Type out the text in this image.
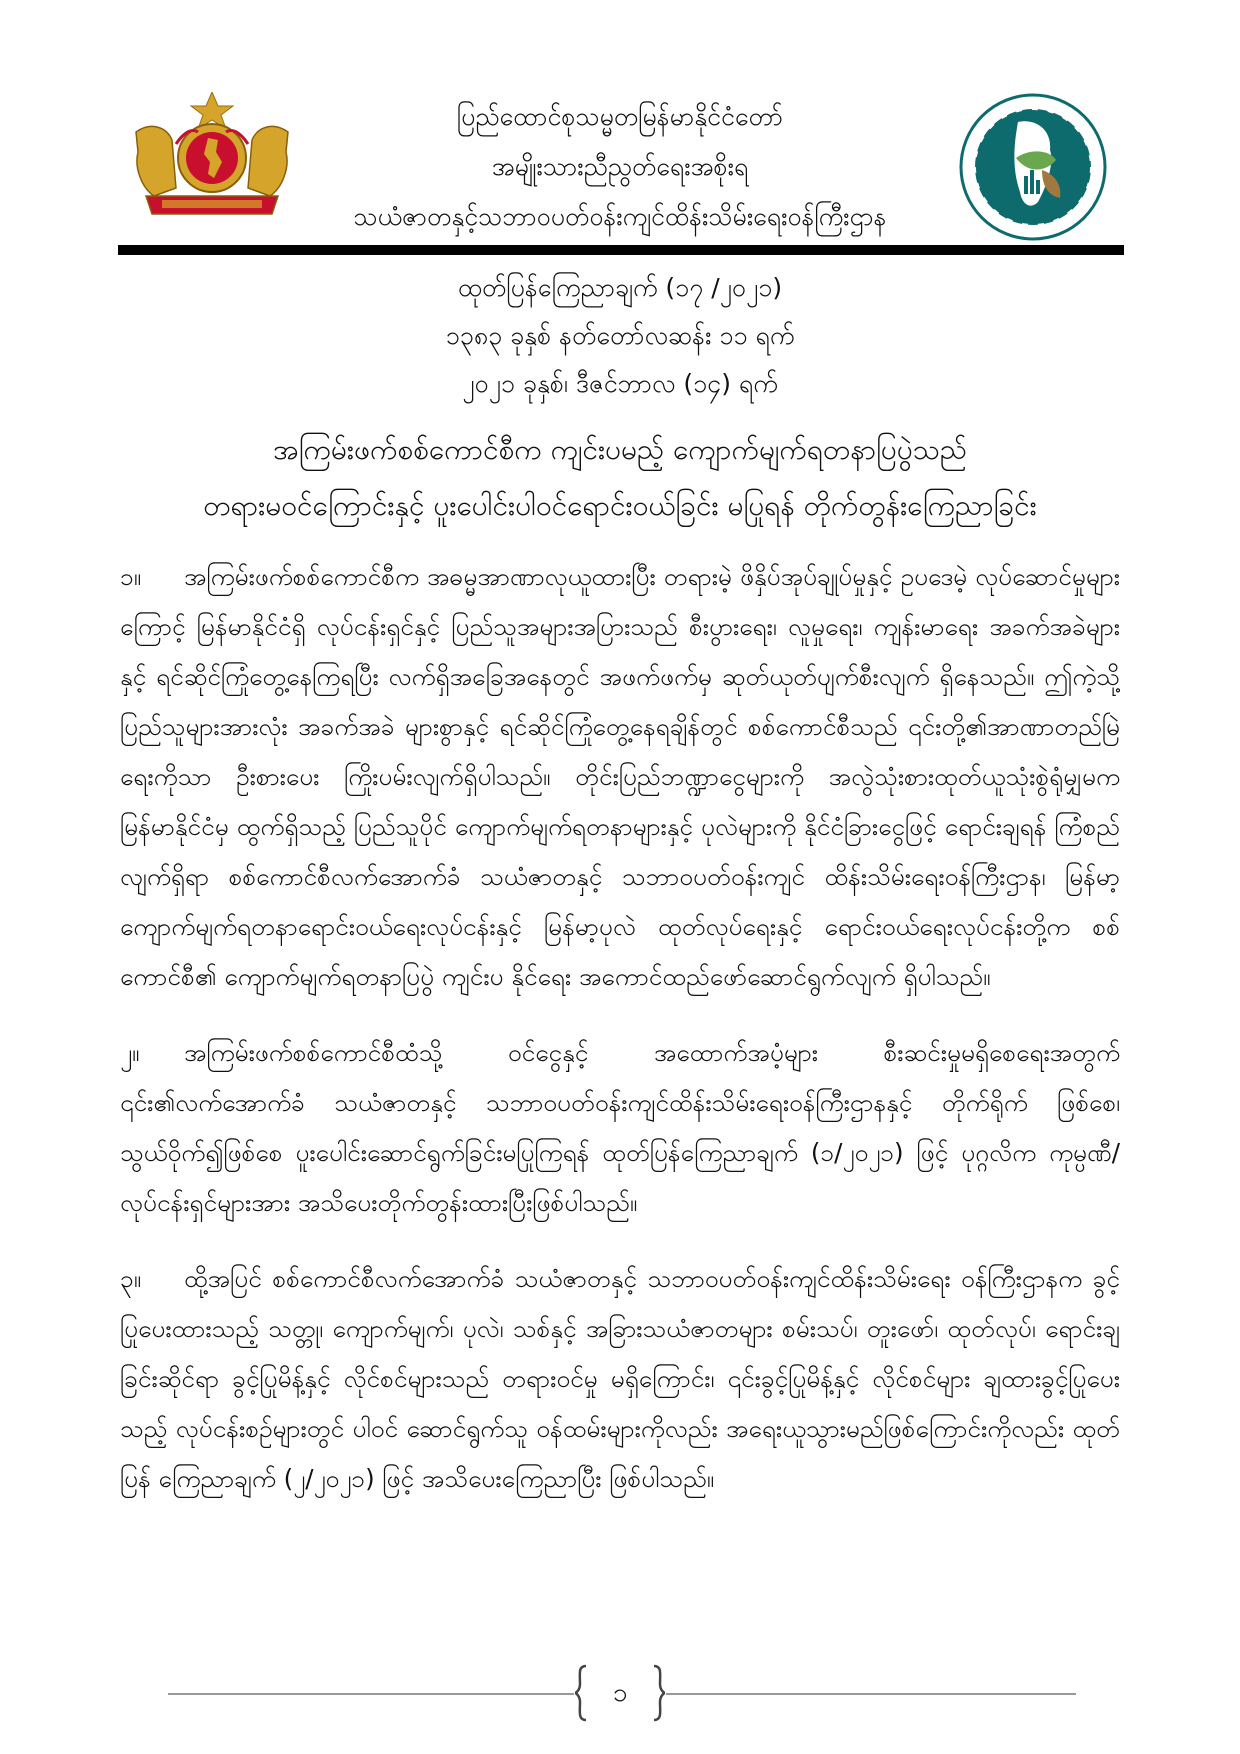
ပြည်ထောင်စုသမ္မတမြန်မာနိုင်ငံတော်
အမျိုးသားညီညွတ်ရေးအစိုးရ
သယံဇာတနှင့်သဘာဝပတ်ဝန်းကျင်ထိန်းသိမ်းရေးဝန်ကြီးဌာန
ထုတ်ပြန်ကြေညာချက် (၁၇ /၂၀၂၁)
၁၃၈၃ ခုနှစ် နတ်တော်လဆန်း ၁၁ ရက်
၂၀၂၁ ခုနှစ်၊ ဒီဇင်ဘာလ (၁၄) ရက်
အကြမ်းဖက်စစ်ကောင်စီက ကျင်းပမည့် ကျောက်မျက်ရတနာပြပွဲသည်
တရားမဝင်ကြောင်းနှင့် ပူးပေါင်းပါဝင်ရောင်းဝယ်ခြင်း မပြုရန် တိုက်တွန်းကြေညာခြင်း

၁။ အကြမ်းဖက်စစ်ကောင်စီက အဓမ္မအာဏာလုယူထားပြီး တရားမဲ့ ဖိနှိပ်အုပ်ချုပ်မှုနှင့် ဥပဒေမဲ့ လုပ်ဆောင်မှုများကြောင့် မြန်မာနိုင်ငံရှိ လုပ်ငန်းရှင်နှင့် ပြည်သူအများအပြားသည် စီးပွားရေး၊ လူမှုရေး၊ ကျန်းမာရေး အခက်အခဲများနှင့် ရင်ဆိုင်ကြုံတွေ့နေကြရပြီး လက်ရှိအခြေအနေတွင် အဖက်ဖက်မှ ဆုတ်ယုတ်ပျက်စီးလျက် ရှိနေသည်။ ဤကဲ့သို့ ပြည်သူများအားလုံး အခက်အခဲ များစွာနှင့် ရင်ဆိုင်ကြုံတွေ့နေရချိန်တွင် စစ်ကောင်စီသည် ၎င်းတို့၏အာဏာတည်မြဲရေးကိုသာ ဦးစားပေး ကြိုးပမ်းလျက်ရှိပါသည်။ တိုင်းပြည်ဘဏ္ဍာငွေများကို အလွဲသုံးစားထုတ်ယူသုံးစွဲရုံမျှမက မြန်မာနိုင်ငံမှ ထွက်ရှိသည့် ပြည်သူပိုင် ကျောက်မျက်ရတနာများနှင့် ပုလဲများကို နိုင်ငံခြားငွေဖြင့် ရောင်းချရန် ကြံစည်လျက်ရှိရာ စစ်ကောင်စီလက်အောက်ခံ သယံဇာတနှင့် သဘာဝပတ်ဝန်းကျင် ထိန်းသိမ်းရေးဝန်ကြီးဌာန၊ မြန်မာ့ကျောက်မျက်ရတနာရောင်းဝယ်ရေးလုပ်ငန်းနှင့် မြန်မာ့ပုလဲ ထုတ်လုပ်ရေးနှင့် ရောင်းဝယ်ရေးလုပ်ငန်းတို့က စစ်ကောင်စီ၏ ကျောက်မျက်ရတနာပြပွဲ ကျင်းပ နိုင်ရေး အကောင်ထည်ဖော်ဆောင်ရွက်လျက် ရှိပါသည်။

၂။ အကြမ်းဖက်စစ်ကောင်စီထံသို့ ဝင်ငွေနှင့် အထောက်အပံ့များ စီးဆင်းမှုမရှိစေရေးအတွက် ၎င်း၏လက်အောက်ခံ သယံဇာတနှင့် သဘာဝပတ်ဝန်းကျင်ထိန်းသိမ်းရေးဝန်ကြီးဌာနနှင့် တိုက်ရိုက် ဖြစ်စေ၊ သွယ်ဝိုက်၍ဖြစ်စေ ပူးပေါင်းဆောင်ရွက်ခြင်းမပြုကြရန် ထုတ်ပြန်ကြေညာချက် (၁/၂၀၂၁) ဖြင့် ပုဂ္ဂလိက ကုမ္ပဏီ/ လုပ်ငန်းရှင်များအား အသိပေးတိုက်တွန်းထားပြီးဖြစ်ပါသည်။

၃။ ထို့အပြင် စစ်ကောင်စီလက်အောက်ခံ သယံဇာတနှင့် သဘာဝပတ်ဝန်းကျင်ထိန်းသိမ်းရေး ဝန်ကြီးဌာနက ခွင့်ပြုပေးထားသည့် သတ္တု၊ ကျောက်မျက်၊ ပုလဲ၊ သစ်နှင့် အခြားသယံဇာတများ စမ်းသပ်၊ တူးဖော်၊ ထုတ်လုပ်၊ ရောင်းချခြင်းဆိုင်ရာ ခွင့်ပြုမိန့်နှင့် လိုင်စင်များသည် တရားဝင်မှု မရှိကြောင်း၊ ၎င်းခွင့်ပြုမိန့်နှင့် လိုင်စင်များ ချထားခွင့်ပြုပေးသည့် လုပ်ငန်းစဉ်များတွင် ပါဝင် ဆောင်ရွက်သူ ဝန်ထမ်းများကိုလည်း အရေးယူသွားမည်ဖြစ်ကြောင်းကိုလည်း ထုတ်ပြန် ကြေညာချက် (၂/၂၀၂၁) ဖြင့် အသိပေးကြေညာပြီး ဖြစ်ပါသည်။

၁
